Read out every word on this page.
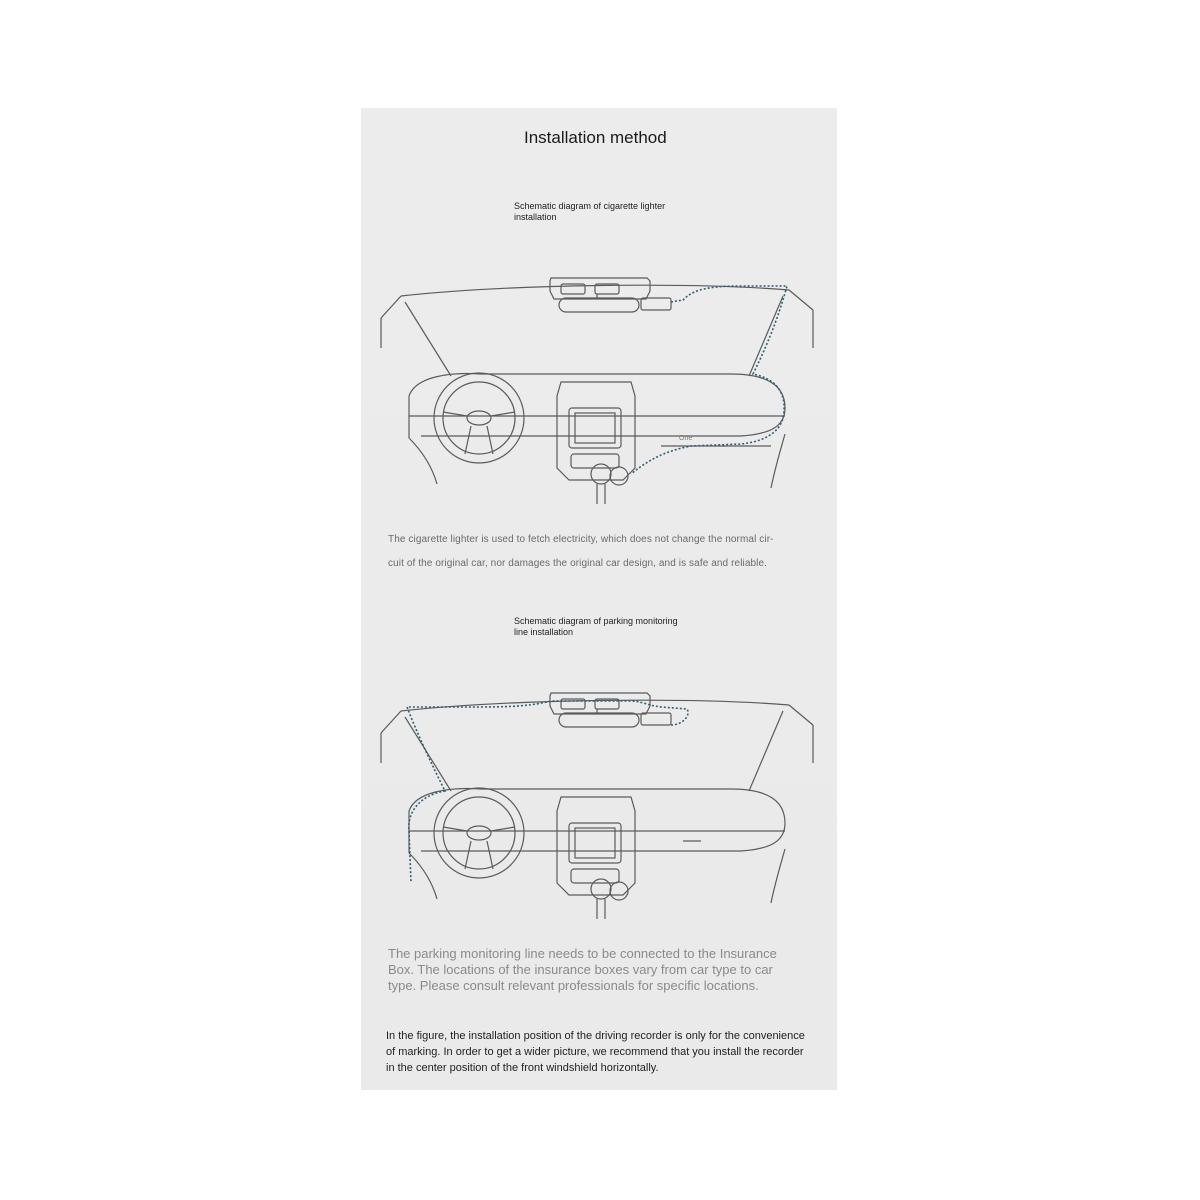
Installation method
Schematic diagram of cigarette lighter installation
One
The cigarette lighter is used to fetch electricity, which does not change the normal cir-
cuit of the original car, nor damages the original car design, and is safe and reliable.
Schematic diagram of parking monitoring line installation
The parking monitoring line needs to be connected to the Insurance Box. The locations of the insurance boxes vary from car type to car type. Please consult relevant professionals for specific locations.
In the figure, the installation position of the driving recorder is only for the convenience of marking. In order to get a wider picture, we recommend that you install the recorder in the center position of the front windshield horizontally.
